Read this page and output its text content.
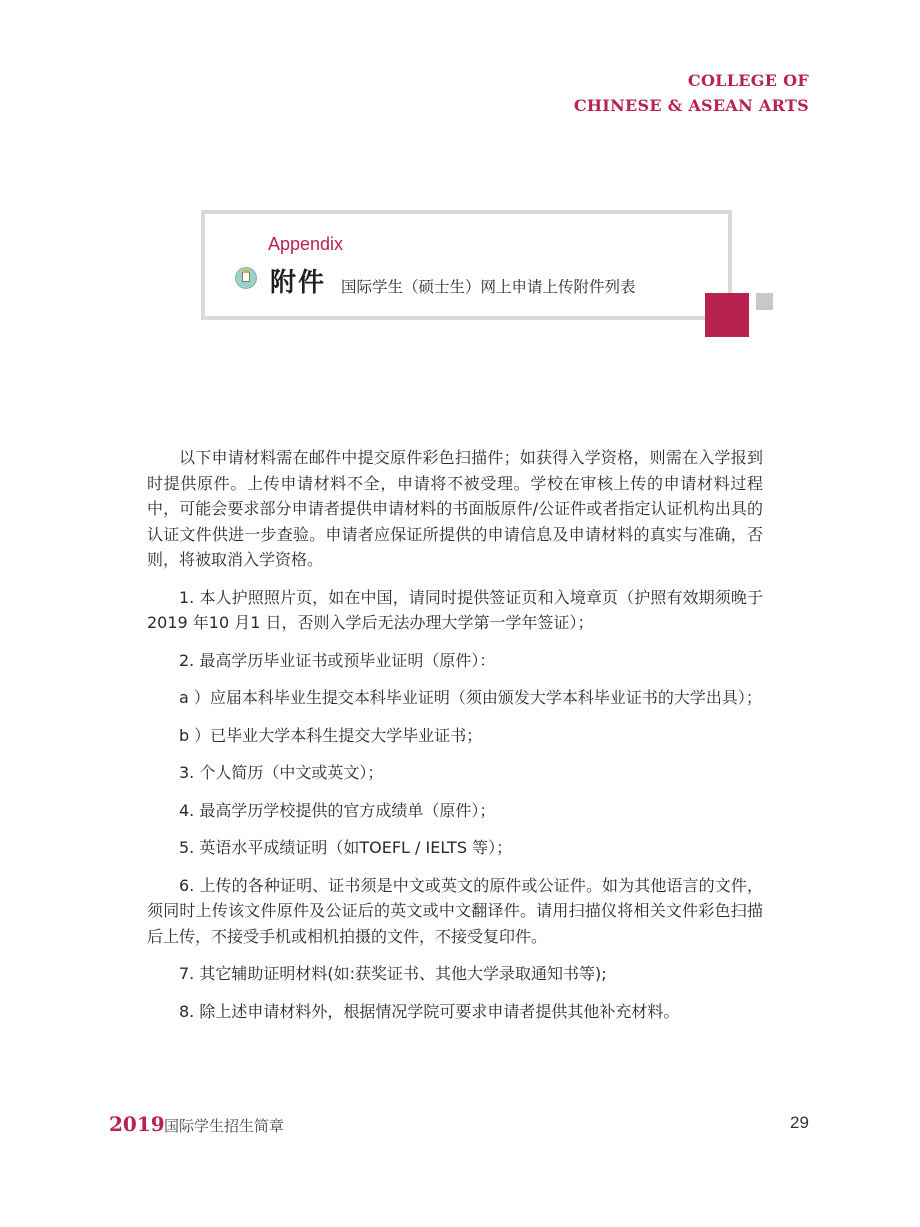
COLLEGE OF
CHINESE & ASEAN ARTS
Appendix
附件 国际学生（硕士生）网上申请上传附件列表

以下申请材料需在邮件中提交原件彩色扫描件；如获得入学资格，则需在入学报到时提供原件。上传申请材料不全，申请将不被受理。学校在审核上传的申请材料过程中，可能会要求部分申请者提供申请材料的书面版原件/公证件或者指定认证机构出具的认证文件供进一步查验。申请者应保证所提供的申请信息及申请材料的真实与准确，否则，将被取消入学资格。

1. 本人护照照片页，如在中国，请同时提供签证页和入境章页（护照有效期须晚于2019 年10 月1 日，否则入学后无法办理大学第一学年签证）；

2. 最高学历毕业证书或预毕业证明（原件）：

a ）应届本科毕业生提交本科毕业证明（须由颁发大学本科毕业证书的大学出具）；

b ）已毕业大学本科生提交大学毕业证书；

3. 个人简历（中文或英文）；

4. 最高学历学校提供的官方成绩单（原件）；

5. 英语水平成绩证明（如TOEFL / IELTS 等）；

6. 上传的各种证明、证书须是中文或英文的原件或公证件。如为其他语言的文件，须同时上传该文件原件及公证后的英文或中文翻译件。请用扫描仪将相关文件彩色扫描后上传，不接受手机或相机拍摄的文件，不接受复印件。

7. 其它辅助证明材料(如:获奖证书、其他大学录取通知书等);

8. 除上述申请材料外，根据情况学院可要求申请者提供其他补充材料。

2019 国际学生招生简章	29
